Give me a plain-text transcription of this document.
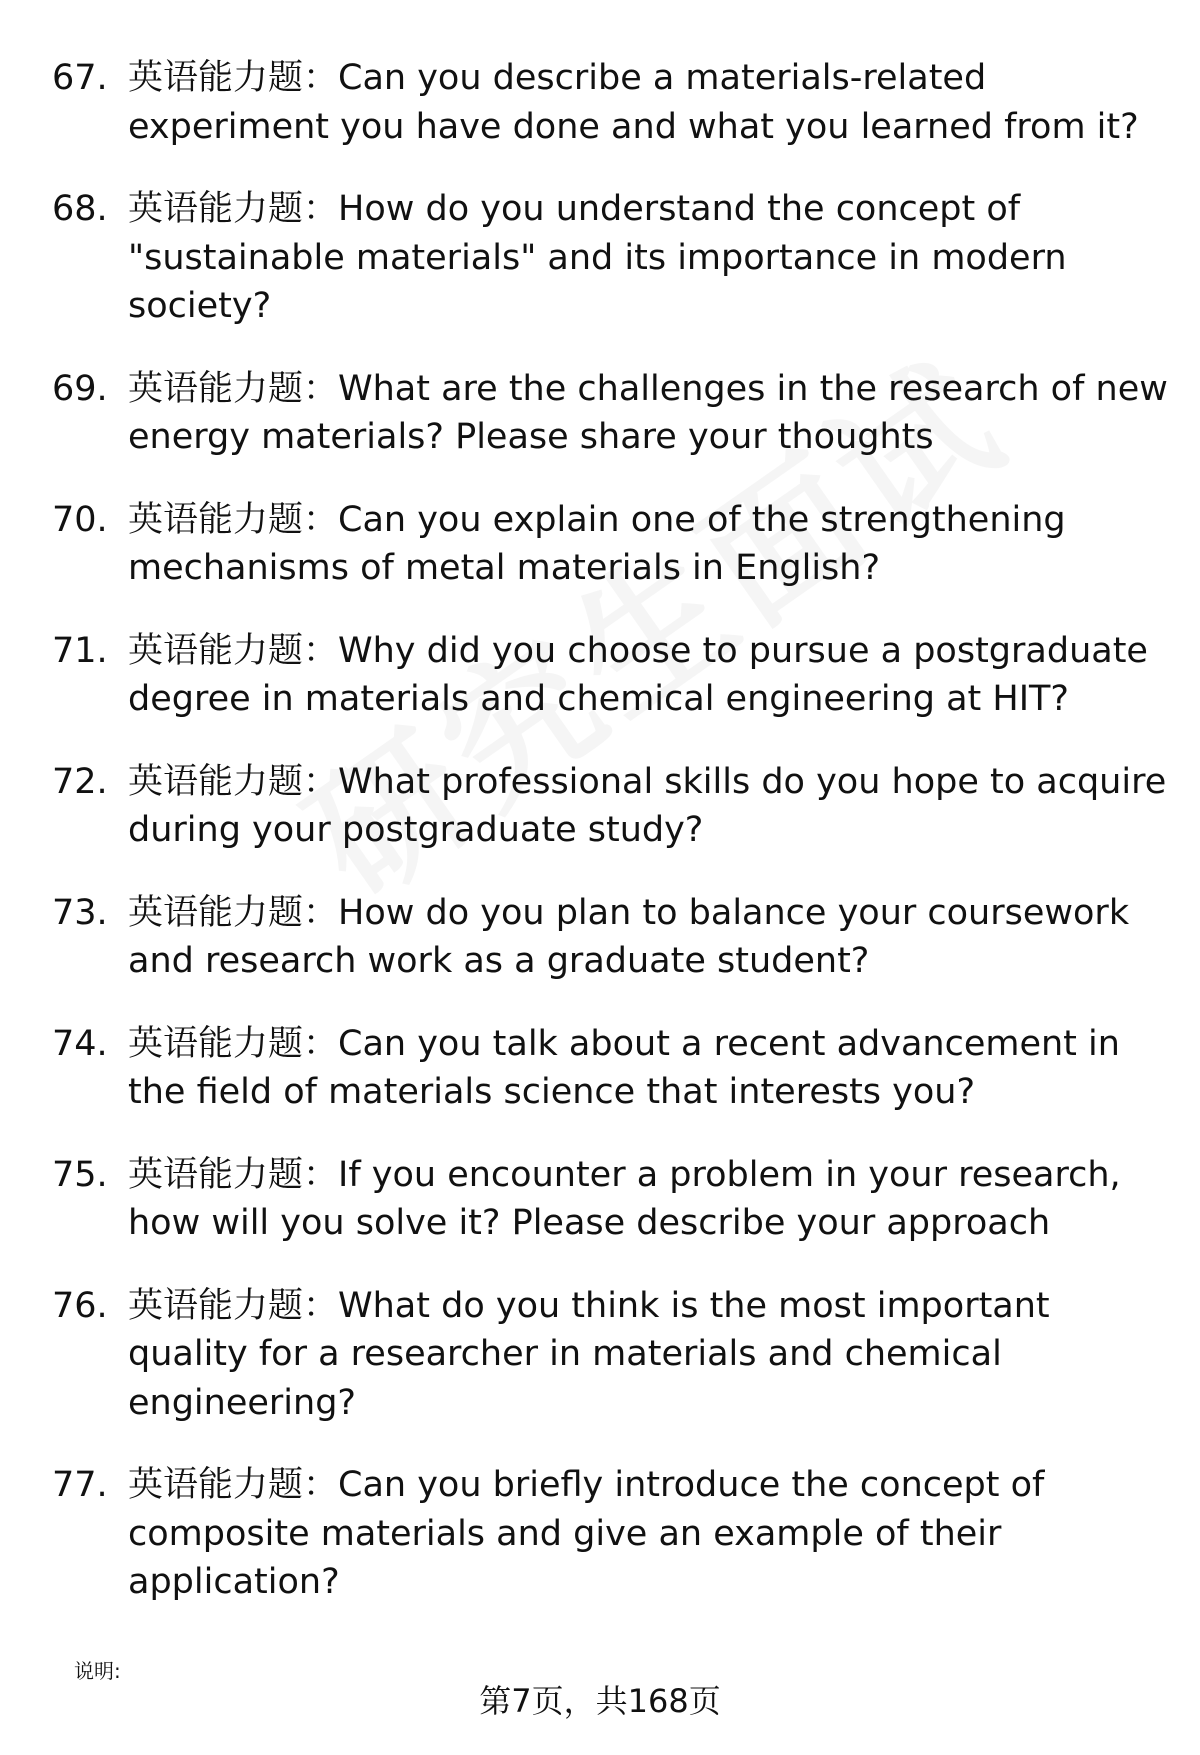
67. 英语能力题：Can you describe a materials-related experiment you have done and what you learned from it?
68. 英语能力题：How do you understand the concept of "sustainable materials" and its importance in modern society?
69. 英语能力题：What are the challenges in the research of new energy materials? Please share your thoughts
70. 英语能力题：Can you explain one of the strengthening mechanisms of metal materials in English?
71. 英语能力题：Why did you choose to pursue a postgraduate degree in materials and chemical engineering at HIT?
72. 英语能力题：What professional skills do you hope to acquire during your postgraduate study?
73. 英语能力题：How do you plan to balance your coursework and research work as a graduate student?
74. 英语能力题：Can you talk about a recent advancement in the field of materials science that interests you?
75. 英语能力题：If you encounter a problem in your research, how will you solve it? Please describe your approach
76. 英语能力题：What do you think is the most important quality for a researcher in materials and chemical engineering?
77. 英语能力题：Can you briefly introduce the concept of composite materials and give an example of their application?
说明:
第7页，共168页
